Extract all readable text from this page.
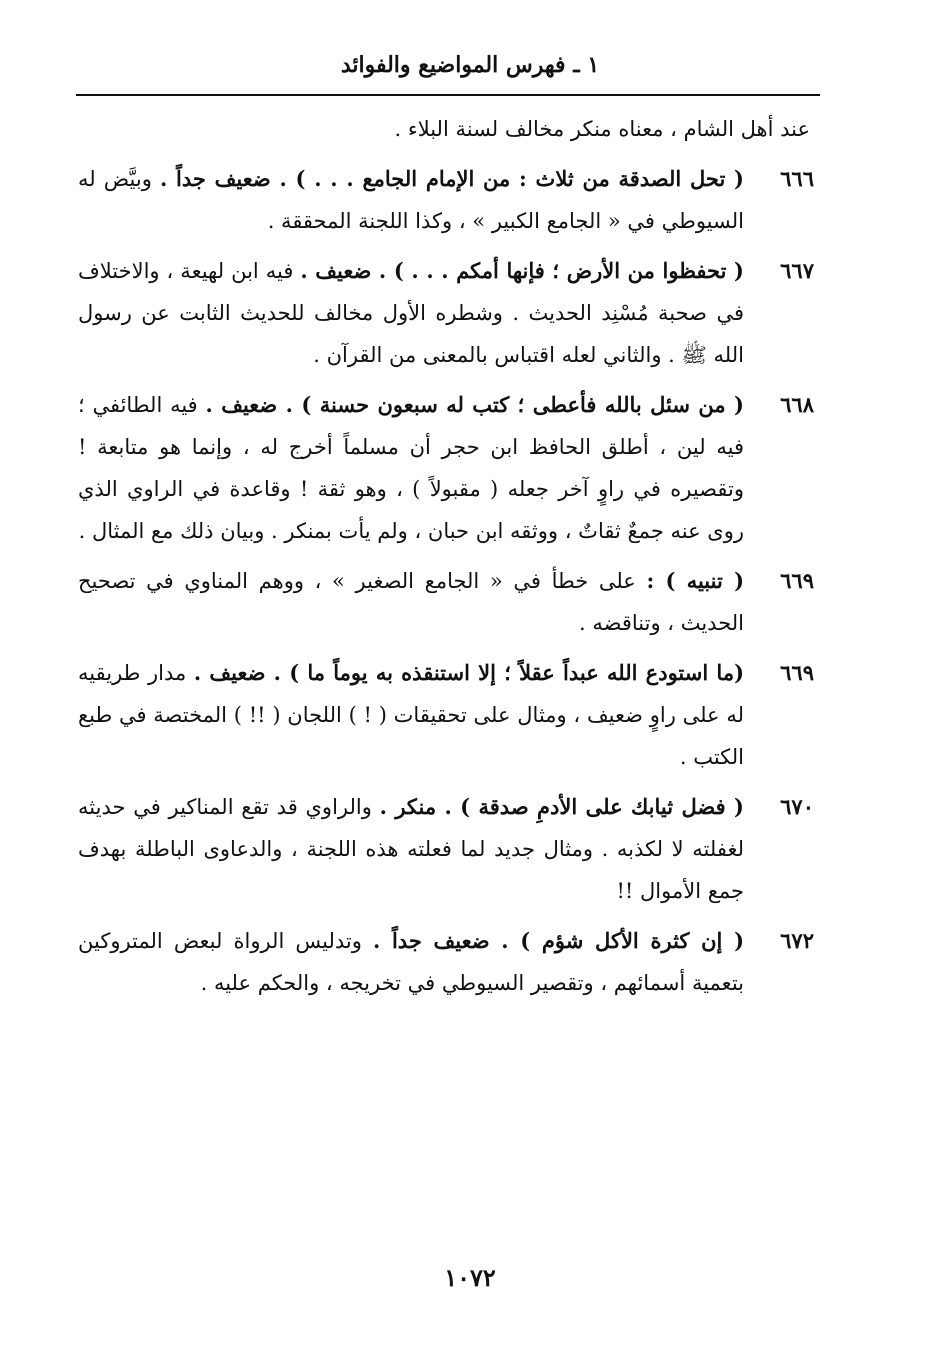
١ ـ فهرس المواضيع والفوائد

عند أهل الشام ، معناه منكر مخالف لسنة البلاء .

٦٦٦
( تحل الصدقة من ثلاث : من الإمام الجامع . . . ) . ضعيف جداً . وبيَّض له السيوطي في « الجامع الكبير » ، وكذا اللجنة المحققة .
٦٦٧
( تحفظوا من الأرض ؛ فإنها أمكم . . . ) . ضعيف . فيه ابن لهيعة ، والاختلاف في صحبة مُسْنِد الحديث . وشطره الأول مخالف للحديث الثابت عن رسول الله ﷺ . والثاني لعله اقتباس بالمعنى من القرآن .
٦٦٨
( من سئل بالله فأعطى ؛ كتب له سبعون حسنة ) . ضعيف . فيه الطائفي ؛ فيه لين ، أطلق الحافظ ابن حجر أن مسلماً أخرج له ، وإنما هو متابعة ! وتقصيره في راوٍ آخر جعله ( مقبولاً ) ، وهو ثقة ! وقاعدة في الراوي الذي روى عنه جمعٌ ثقاتٌ ، ووثقه ابن حبان ، ولم يأت بمنكر . وبيان ذلك مع المثال .
٦٦٩
( تنبيه ) : على خطأ في « الجامع الصغير » ، ووهم المناوي في تصحيح الحديث ، وتناقضه .
٦٦٩
(ما استودع الله عبداً عقلاً ؛ إلا استنقذه به يوماً ما ) . ضعيف . مدار طريقيه له على راوٍ ضعيف ، ومثال على تحقيقات ( ! ) اللجان ( !! ) المختصة في طبع الكتب .
٦٧٠
( فضل ثيابك على الأدمِ صدقة ) . منكر . والراوي قد تقع المناكير في حديثه لغفلته لا لكذبه . ومثال جديد لما فعلته هذه اللجنة ، والدعاوى الباطلة بهدف جمع الأموال !!
٦٧٢
( إن كثرة الأكل شؤم ) . ضعيف جداً . وتدليس الرواة لبعض المتروكين بتعمية أسمائهم ، وتقصير السيوطي في تخريجه ، والحكم عليه .
١٠٧٢
